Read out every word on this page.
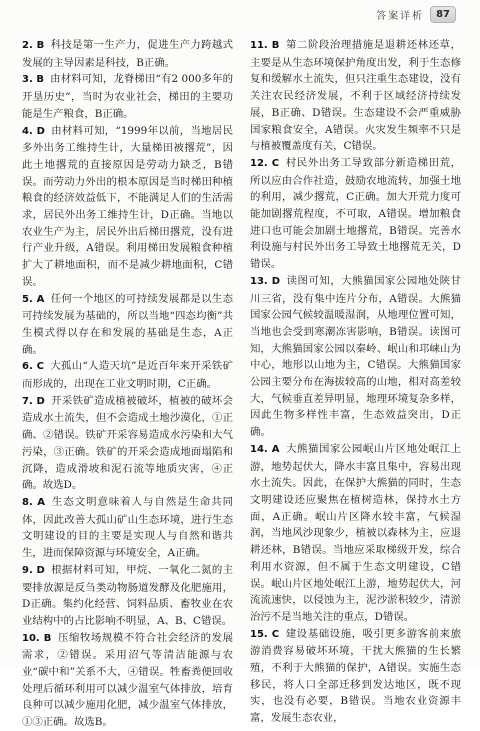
答案详析	87

2. B 科技是第一生产力，促进生产力跨越式发展的主导因素是科技，B正确。

3. B 由材料可知，龙脊梯田“有2 000多年的开垦历史”，当时为农业社会，梯田的主要功能是生产粮食，B正确。

4. D 由材料可知，“1999年以前，当地居民多外出务工维持生计，大量梯田被撂荒”，因此土地撂荒的直接原因是劳动力缺乏，B错误。而劳动力外出的根本原因是当时梯田种植粮食的经济效益低下，不能满足人们的生活需求，居民外出务工维持生计，D正确。当地以农业生产为主，居民外出后梯田撂荒，没有进行产业升级，A错误。利用梯田发展粮食种植扩大了耕地面积，而不是减少耕地面积，C错误。

5. A 任何一个地区的可持续发展都是以生态可持续发展为基础的，所以当地“四态均衡”共生模式得以存在和发展的基础是生态，A正确。

6. C 大孤山“人造天坑”是近百年来开采铁矿而形成的，出现在工业文明时期，C正确。

7. D 开采铁矿造成植被破坏，植被的破坏会造成水土流失，但不会造成土地沙漠化，①正确、②错误。铁矿开采容易造成水污染和大气污染，③正确。铁矿的开采会造成地面塌陷和沉降，造成滑坡和泥石流等地质灾害，④正确。故选D。

8. A 生态文明意味着人与自然是生命共同体，因此改善大孤山矿山生态环境，进行生态文明建设的目的主要是实现人与自然和谐共生，进而保障资源与环境安全，A正确。

9. D 根据材料可知，甲烷、一氧化二氮的主要排放源是反刍类动物肠道发酵及化肥施用，D正确。集约化经营、饲料品质、畜牧业在农业结构中的占比影响不明显，A、B、C错误。

10. B 压缩牧场规模不符合社会经济的发展需求，②错误。采用沼气等清洁能源与农业“碳中和”关系不大，④错误。牲畜粪便回收处理后循环利用可以减少温室气体排放，培育良种可以减少施用化肥，减少温室气体排放，①③正确。故选B。

11. B 第二阶段治理措施是退耕还林还草，主要是从生态环境保护角度出发，利于生态修复和缓解水土流失，但只注重生态建设，没有关注农民经济发展，不利于区域经济持续发展，B正确、D错误。生态建设不会严重威胁国家粮食安全，A错误。火灾发生频率不只是与植被覆盖度有关，C错误。

12. C 村民外出务工导致部分新造梯田荒，所以应由合作社造，鼓励农地流转，加强土地的利用，减少撂荒，C正确。加大开荒力度可能加剧撂荒程度，不可取，A错误。增加粮食进口也可能会加剧土地撂荒，B错误。完善水利设施与村民外出务工导致土地撂荒无关，D错误。

13. D 读图可知，大熊猫国家公园地处陕甘川三省，没有集中连片分布，A错误。大熊猫国家公园气候较温暖湿润，从地理位置可知，当地也会受到寒潮冻害影响，B错误。读图可知，大熊猫国家公园以秦岭、岷山和邛崃山为中心，地形以山地为主，C错误。大熊猫国家公园主要分布在海拔较高的山地，相对高差较大，气候垂直差异明显，地理环境复杂多样，因此生物多样性丰富，生态效益突出，D正确。

14. A 大熊猫国家公园岷山片区地处岷江上游，地势起伏大，降水丰富且集中，容易出现水土流失。因此，在保护大熊猫的同时，生态文明建设还应聚焦在植树造林，保持水土方面，A正确。岷山片区降水较丰富，气候湿润，当地风沙现象少，植被以森林为主，应退耕还林，B错误。当地应采取梯级开发，综合利用水资源，但不属于生态文明建设，C错误。岷山片区地处岷江上游，地势起伏大，河流流速快，以侵蚀为主，泥沙淤积较少，清淤治污不是当地关注的重点，D错误。

15. C 建设基础设施，吸引更多游客前来旅游消费容易破坏环境，干扰大熊猫的生长繁殖，不利于大熊猫的保护，A错误。实施生态移民，将人口全部迁移到发达地区，既不现实，也没有必要，B错误。当地农业资源丰富，发展生态农业，
